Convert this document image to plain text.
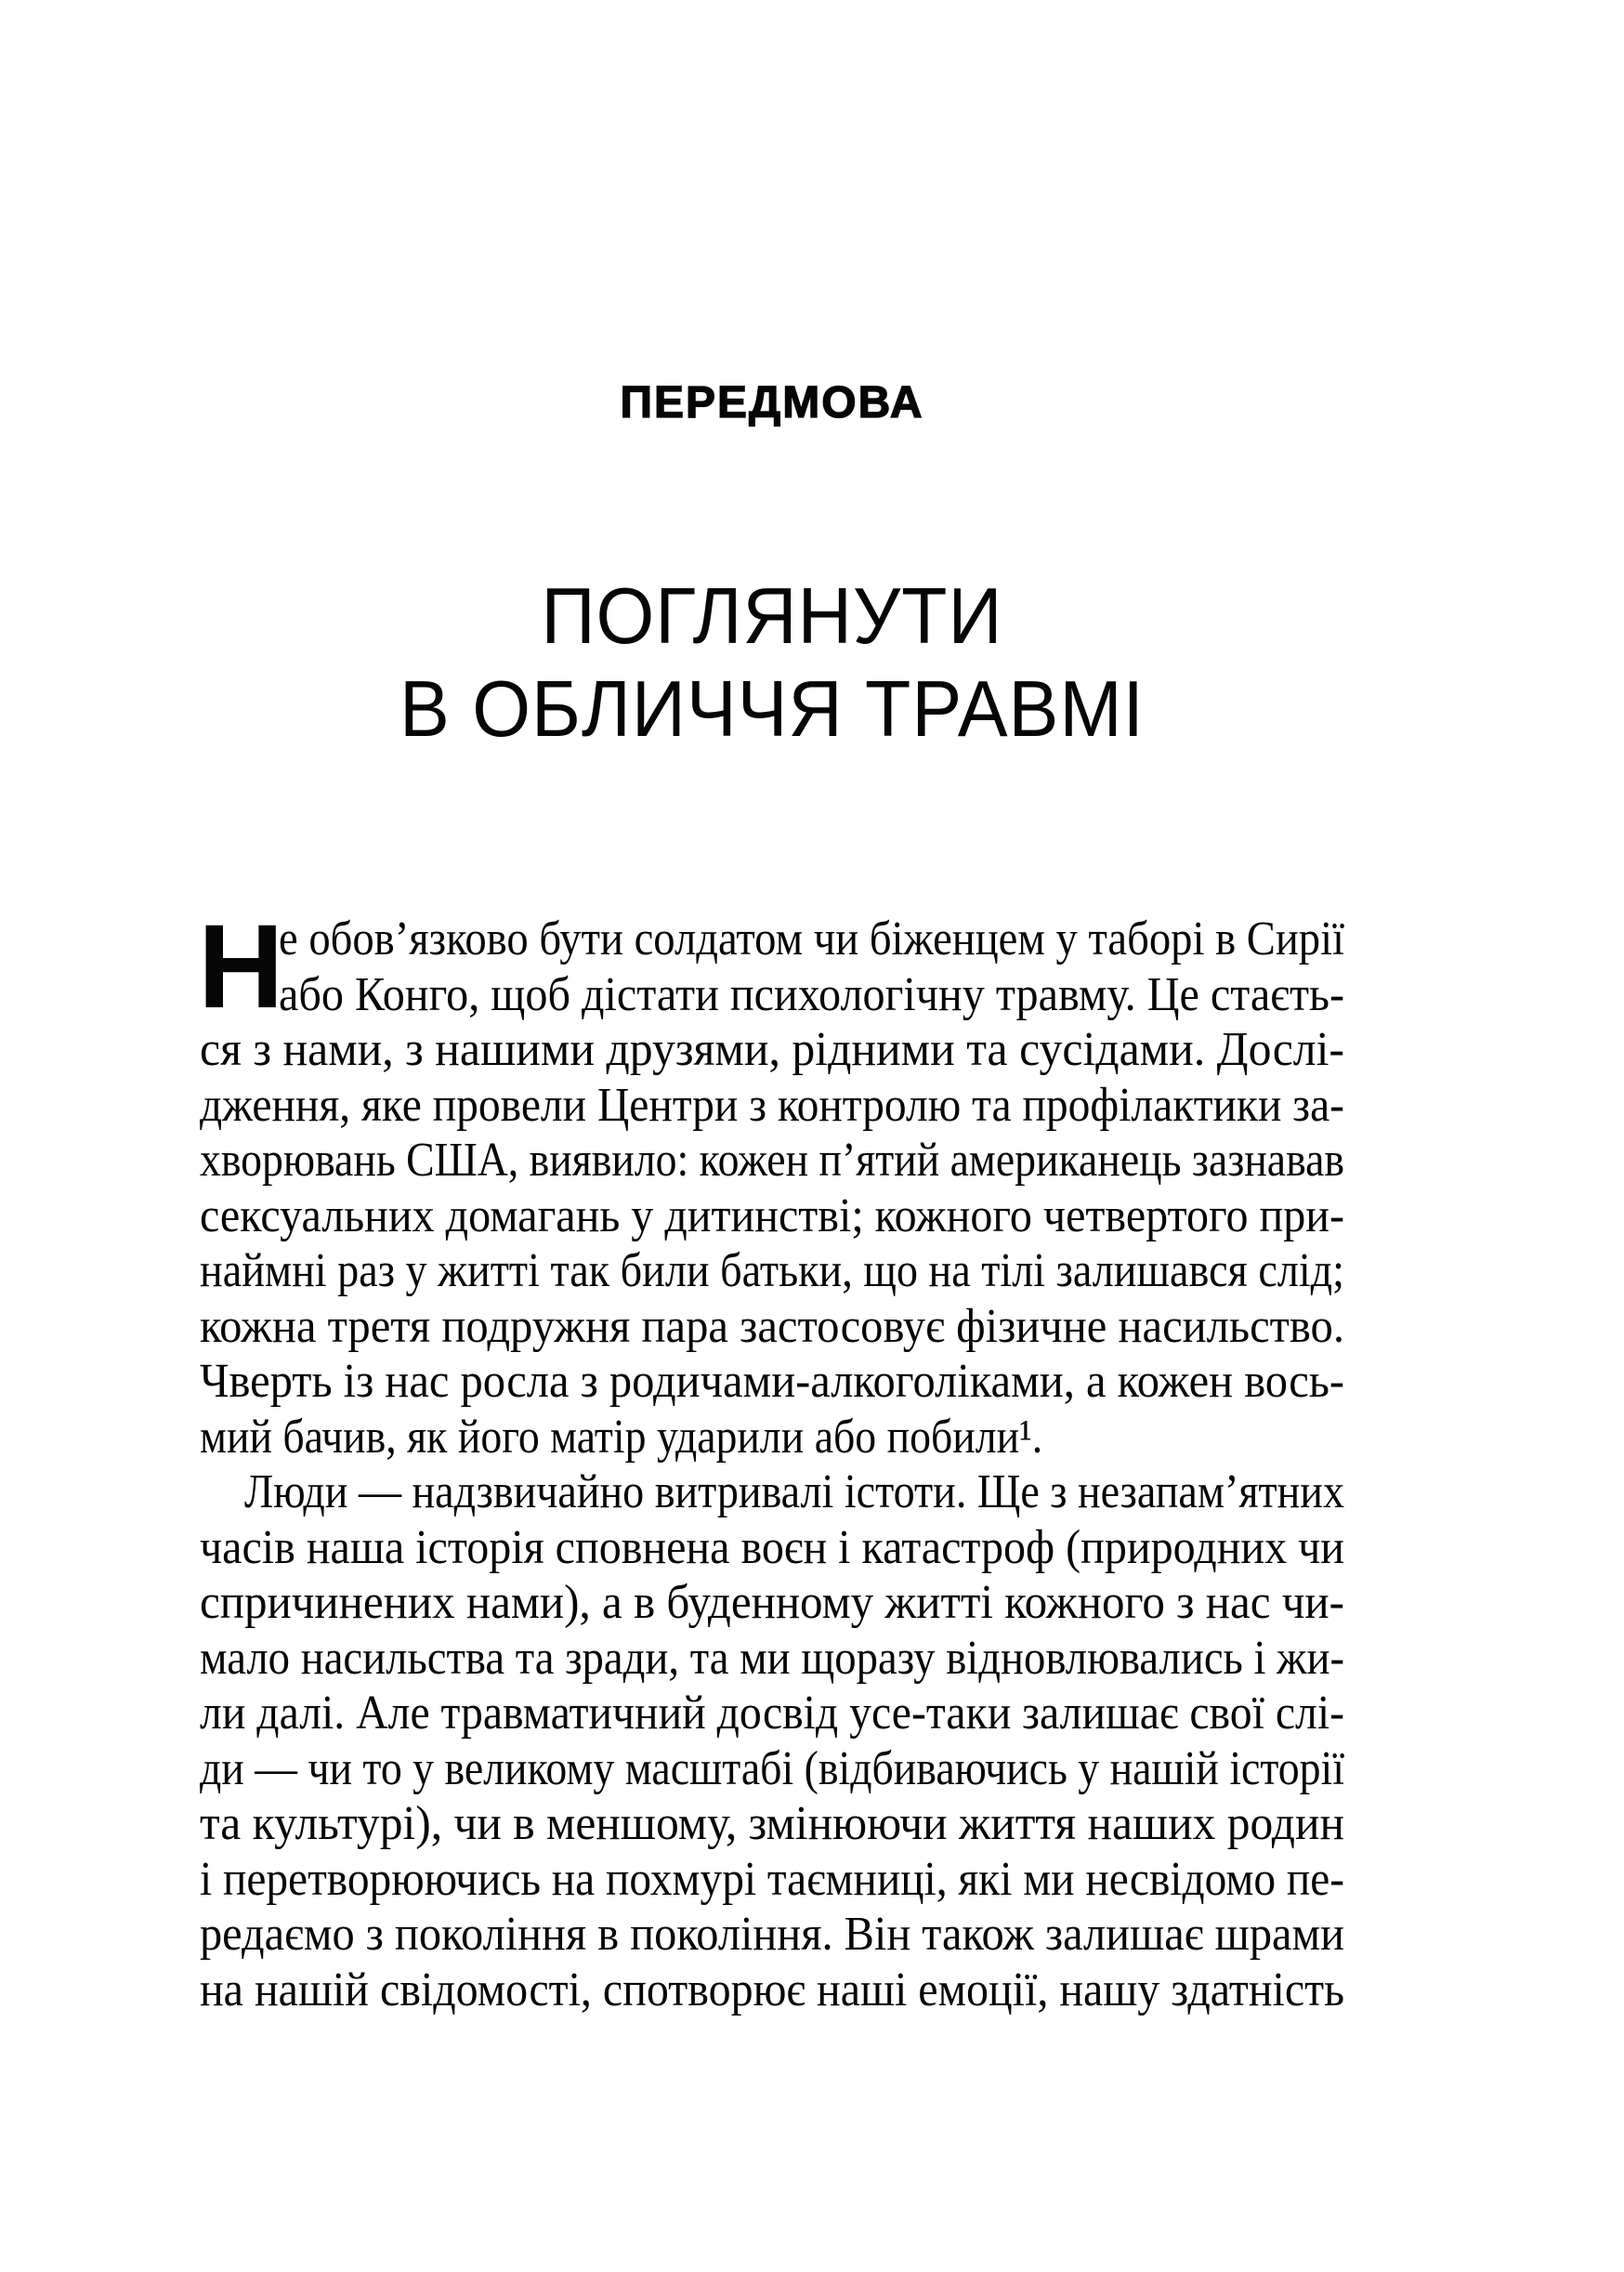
ПЕРЕДМОВА
ПОГЛЯНУТИ
В ОБЛИЧЧЯ ТРАВМІ
Н
е обов’язково бути солдатом чи біженцем у таборі в Сирії
або Конго, щоб дістати психологічну травму. Це стаєть-
ся з нами, з нашими друзями, рідними та сусідами. Дослі-
дження, яке провели Центри з контролю та профілактики за-
хворювань США, виявило: кожен п’ятий американець зазнавав
сексуальних домагань у дитинстві; кожного четвертого при-
наймні раз у житті так били батьки, що на тілі залишався слід;
кожна третя подружня пара застосовує фізичне насильство.
Чверть із нас росла з родичами-алкоголіками, а кожен вось-
мий бачив, як його матір ударили або побили¹.
Люди — надзвичайно витривалі істоти. Ще з незапам’ятних
часів наша історія сповнена воєн і катастроф (природних чи
спричинених нами), а в буденному житті кожного з нас чи-
мало насильства та зради, та ми щоразу відновлювались і жи-
ли далі. Але травматичний досвід усе-таки залишає свої слі-
ди — чи то у великому масштабі (відбиваючись у нашій історії
та культурі), чи в меншому, змінюючи життя наших родин
і перетворюючись на похмурі таємниці, які ми несвідомо пе-
редаємо з покоління в покоління. Він також залишає шрами
на нашій свідомості, спотворює наші емоції, нашу здатність
